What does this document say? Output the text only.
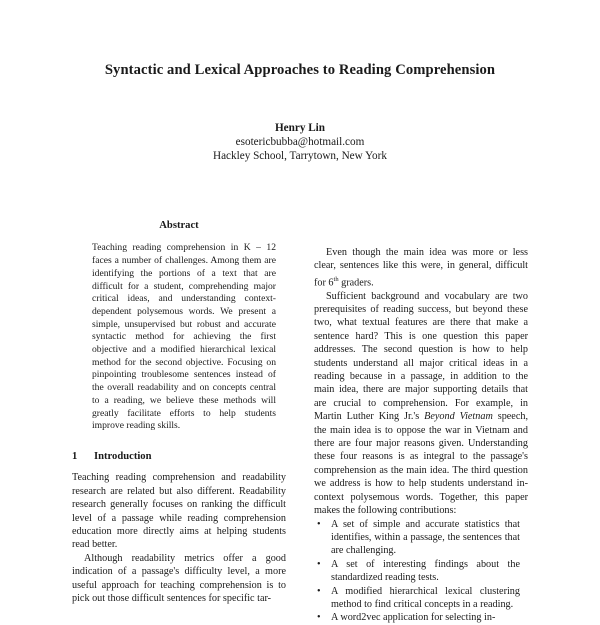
Syntactic and Lexical Approaches to Reading Comprehension
Henry Lin
esotericbubba@hotmail.com
Hackley School, Tarrytown, New York
Abstract

Teaching reading comprehension in K – 12 faces a number of challenges. Among them are identifying the portions of a text that are difficult for a student, comprehending major critical ideas, and understanding context-dependent polysemous words. We present a simple, unsupervised but robust and accurate syntactic method for achieving the first objective and a modified hierarchical lexical method for the second objective. Focusing on pinpointing troublesome sentences instead of the overall readability and on concepts central to a reading, we believe these methods will greatly facilitate efforts to help students improve reading skills.

1 Introduction

Teaching reading comprehension and readability research are related but also different. Readability research generally focuses on ranking the difficult level of a passage while reading comprehension education more directly aims at helping students read better.

Although readability metrics offer a good indication of a passage's difficulty level, a more useful approach for teaching comprehension is to pick out those difficult sentences for specific tar-

Even though the main idea was more or less clear, sentences like this were, in general, difficult for 6th graders.

Sufficient background and vocabulary are two prerequisites of reading success, but beyond these two, what textual features are there that make a sentence hard? This is one question this paper addresses. The second question is how to help students understand all major critical ideas in a reading because in a passage, in addition to the main idea, there are major supporting details that are crucial to comprehension. For example, in Martin Luther King Jr.'s Beyond Vietnam speech, the main idea is to oppose the war in Vietnam and there are four major reasons given. Understanding these four reasons is as integral to the passage's comprehension as the main idea. The third question we address is how to help students understand in-context polysemous words. Together, this paper makes the following contributions:

• A set of simple and accurate statistics that identifies, within a passage, the sentences that are challenging.
• A set of interesting findings about the standardized reading tests.
• A modified hierarchical lexical clustering method to find critical concepts in a reading.
• A word2vec application for selecting in-
